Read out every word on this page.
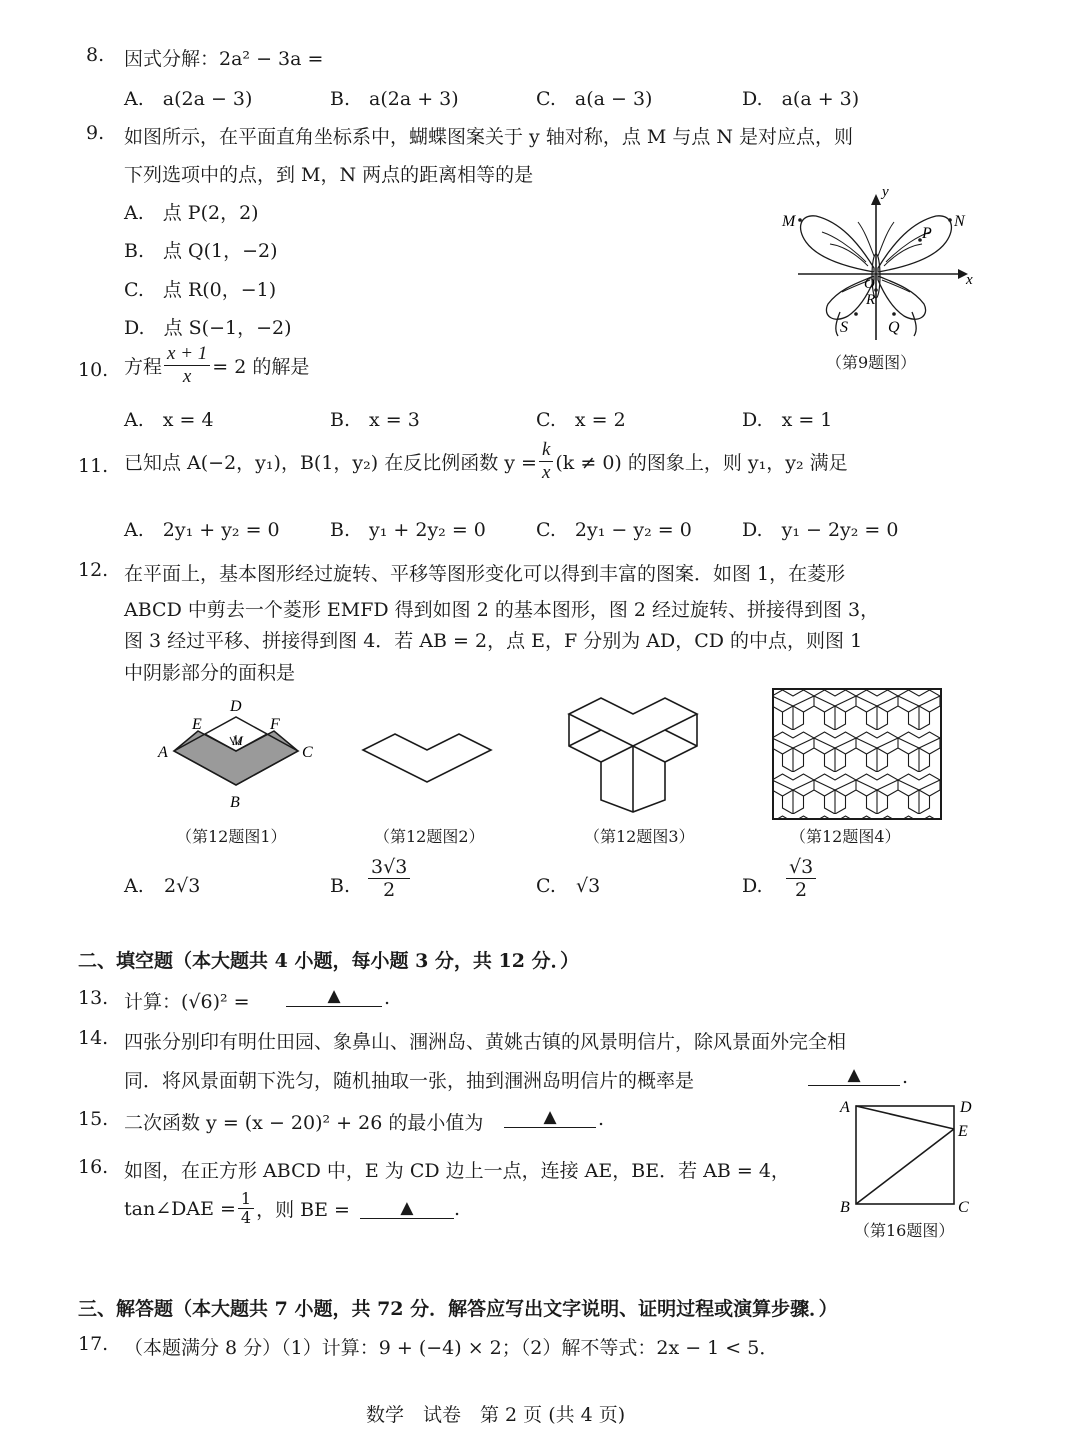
8. 因式分解：2a² − 3a =
A.　a(2a − 3)	B.　a(2a + 3)	C.　a(a − 3)	D.　a(a + 3)
9. 如图所示，在平面直角坐标系中，蝴蝶图案关于 y 轴对称，点 M 与点 N 是对应点，则
下列选项中的点，到 M，N 两点的距离相等的是
A.　点 P(2，2)
B.　点 Q(1，−2)
C.　点 R(0，−1)
D.　点 S(−1，−2)
M	N
P
Q
R
S
O	x
y
（第9题图）
10. 方程 $\frac{x + 1}{x} = 2$ 的解是
A.　x = 4	B.　x = 3	C.　x = 2	D.　x = 1
11. 已知点 A(−2，y₁)，B(1，y₂) 在反比例函数 $y = \frac{k}{x} (k \ne 0)$ 的图象上，则 y₁，y₂ 满足
A.　2y₁ + y₂ = 0	B.　y₁ + 2y₂ = 0	C.　2y₁ − y₂ = 0	D.　y₁ − 2y₂ = 0
12. 在平面上，基本图形经过旋转、平移等图形变化可以得到丰富的图案．如图 1，在菱形
ABCD 中剪去一个菱形 EMFD 得到如图 2 的基本图形，图 2 经过旋转、拼接得到图 3，
图 3 经过平移、拼接得到图 4．若 AB = 2，点 E，F 分别为 AD，CD 的中点，则图 1
中阴影部分的面积是
A
B
C
D
E	F
M
（第12题图1）	（第12题图2）	（第12题图3）	（第12题图4）
A. 2√3	B. $\frac{3√3}{2}$	C. √3	D. $\frac{√3}{2}$
二、填空题（本大题共 4 小题，每小题 3 分，共 12 分．）
13. 计算：(√6)² =	▲	.
14. 四张分别印有明仕田园、象鼻山、涠洲岛、黄姚古镇的风景明信片，除风景面外完全相
同．将风景面朝下洗匀，随机抽取一张，抽到涠洲岛明信片的概率是	▲	.
15. 二次函数 y = (x − 20)² + 26 的最小值为	▲	.
16. 如图，在正方形 ABCD 中，E 为 CD 边上一点，连接 AE，BE．若 AB = 4，
tan∠DAE = $\frac{1}{4}$ ，则 BE =	▲	.
A
B	C
D
E
（第16题图）
三、解答题（本大题共 7 小题，共 72 分．解答应写出文字说明、证明过程或演算步骤．）
17. （本题满分 8 分）（1）计算：9 + (−4) × 2；（2）解不等式：2x − 1 < 5．
数学　试卷　第 2 页 (共 4 页)
